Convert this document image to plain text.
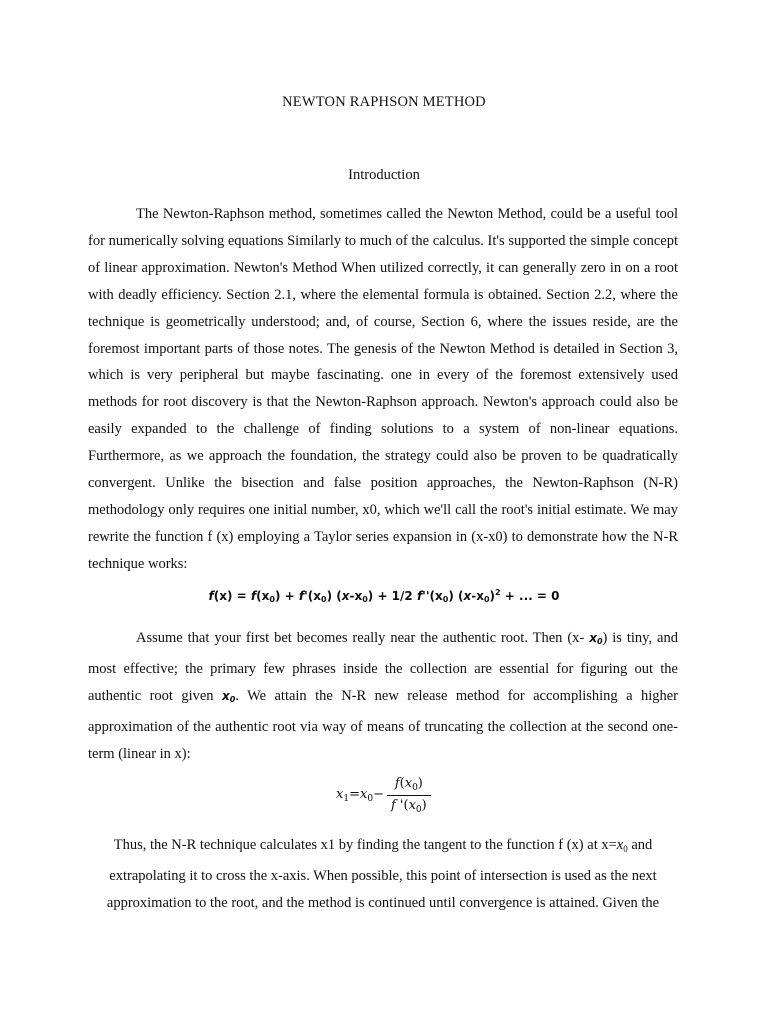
NEWTON RAPHSON METHOD
Introduction

The Newton-Raphson method, sometimes called the Newton Method, could be a useful tool for numerically solving equations Similarly to much of the calculus. It's supported the simple concept of linear approximation. Newton's Method When utilized correctly, it can generally zero in on a root with deadly efficiency. Section 2.1, where the elemental formula is obtained. Section 2.2, where the technique is geometrically understood; and, of course, Section 6, where the issues reside, are the foremost important parts of those notes. The genesis of the Newton Method is detailed in Section 3, which is very peripheral but maybe fascinating. one in every of the foremost extensively used methods for root discovery is that the Newton-Raphson approach. Newton's approach could also be easily expanded to the challenge of finding solutions to a system of non-linear equations. Furthermore, as we approach the foundation, the strategy could also be proven to be quadratically convergent. Unlike the bisection and false position approaches, the Newton-Raphson (N-R) methodology only requires one initial number, x0, which we'll call the root's initial estimate. We may rewrite the function f (x) employing a Taylor series expansion in (x-x0) to demonstrate how the N-R technique works:

$f(x) = f(x_0) + f'(x_0) (x-x_0) + 1/2$ $f''(x_0) (x-x_0)^2$ + ... = 0

Assume that your first bet becomes really near the authentic root. Then (x- $x_0$) is tiny, and most effective; the primary few phrases inside the collection are essential for figuring out the authentic root given $x_0$. We attain the N-R new release method for accomplishing a higher approximation of the authentic root via way of means of truncating the collection at the second one-term (linear in x):

$x_1=x_0- \frac{f(x_0)}{f '(x_0)}$

Thus, the N-R technique calculates x1 by finding the tangent to the function f (x) at $x=x_0$ and extrapolating it to cross the x-axis. When possible, this point of intersection is used as the next approximation to the root, and the method is continued until convergence is attained. Given the
